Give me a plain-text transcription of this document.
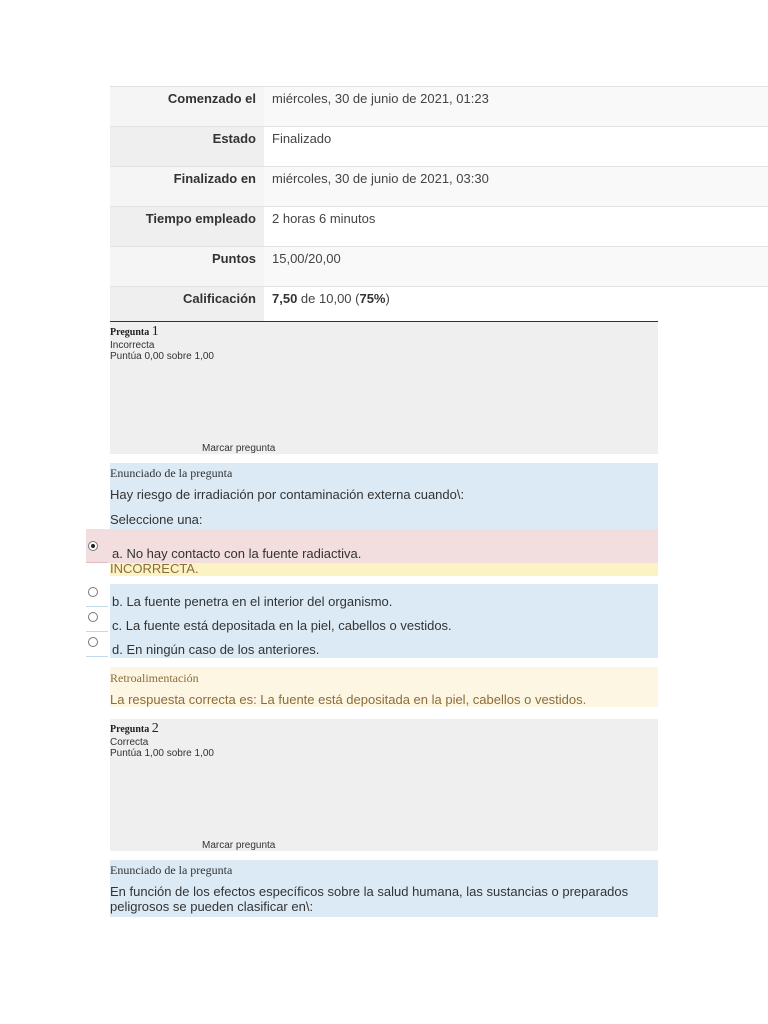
Comenzado el	miércoles, 30 de junio de 2021, 01:23
Estado	Finalizado
Finalizado en	miércoles, 30 de junio de 2021, 03:30
Tiempo empleado	2 horas 6 minutos
Puntos	15,00/20,00
Calificación	7,50 de 10,00 (75%)
Pregunta 1
Incorrecta
Puntúa 0,00 sobre 1,00
Marcar pregunta
Enunciado de la pregunta
Hay riesgo de irradiación por contaminación externa cuando\:
Seleccione una:
a. No hay contacto con la fuente radiactiva.
INCORRECTA.
b. La fuente penetra en el interior del organismo.
c. La fuente está depositada en la piel, cabellos o vestidos.
d. En ningún caso de los anteriores.
Retroalimentación
La respuesta correcta es: La fuente está depositada en la piel, cabellos o vestidos.
Pregunta 2
Correcta
Puntúa 1,00 sobre 1,00
Marcar pregunta
Enunciado de la pregunta
En función de los efectos específicos sobre la salud humana, las sustancias o preparados peligrosos se pueden clasificar en\:
